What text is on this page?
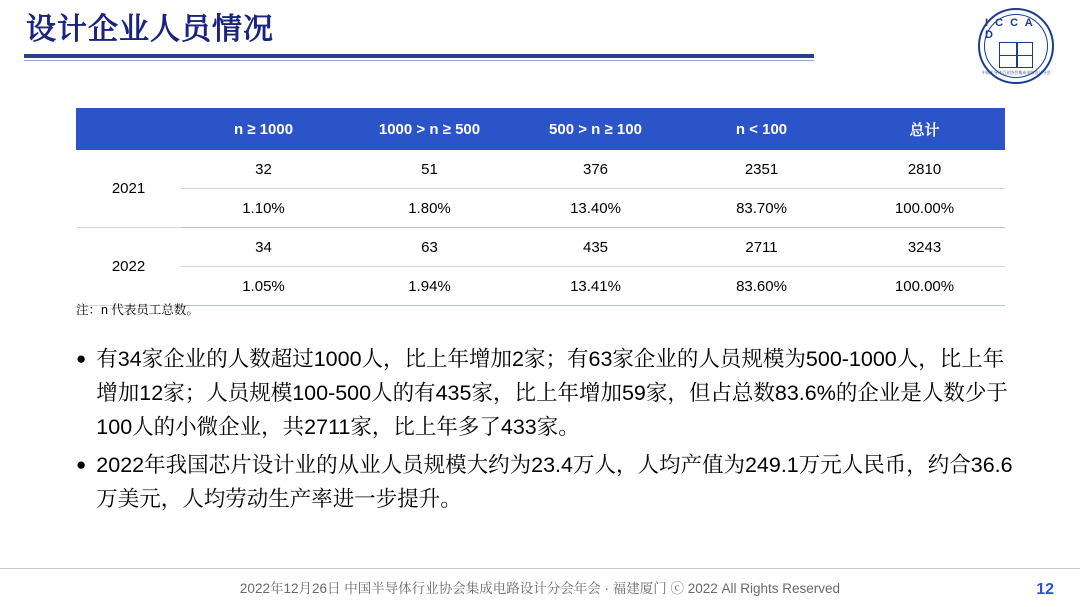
设计企业人员情况	I C C A D
中国半导体行业协会集成电路设计分会
	n ≥ 1000	1000 > n ≥ 500	500 > n ≥ 100	n < 100	总计
2021	32	51	376	2351	2810
	1.10%	1.80%	13.40%	83.70%	100.00%
2022	34	63	435	2711	3243
	1.05%	1.94%	13.41%	83.60%	100.00%
注：n 代表员工总数。
● 有34家企业的人数超过1000人，比上年增加2家；有63家企业的人员规模为500-1000人，比上年增加12家；人员规模100-500人的有435家，比上年增加59家，但占总数83.6%的企业是人数少于100人的小微企业，共2711家，比上年多了433家。
● 2022年我国芯片设计业的从业人员规模大约为23.4万人，人均产值为249.1万元人民币，约合36.6万美元，人均劳动生产率进一步提升。
2022年12月26日 中国半导体行业协会集成电路设计分会年会 · 福建厦门 ⓒ 2022 All Rights Reserved	12
